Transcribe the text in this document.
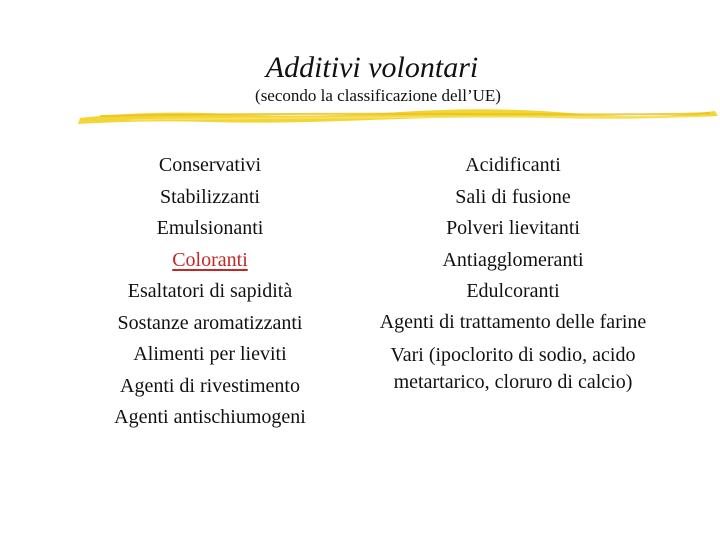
Additivi volontari
(secondo la classificazione dell’UE)
Conservativi
Stabilizzanti
Emulsionanti
Coloranti
Esaltatori di sapidità
Sostanze aromatizzanti
Alimenti per lieviti
Agenti di rivestimento
Agenti antischiumogeni
Acidificanti
Sali di fusione
Polveri lievitanti
Antiagglomeranti
Edulcoranti
Agenti di trattamento delle farine
Vari (ipoclorito di sodio, acido metartarico, cloruro di calcio)
